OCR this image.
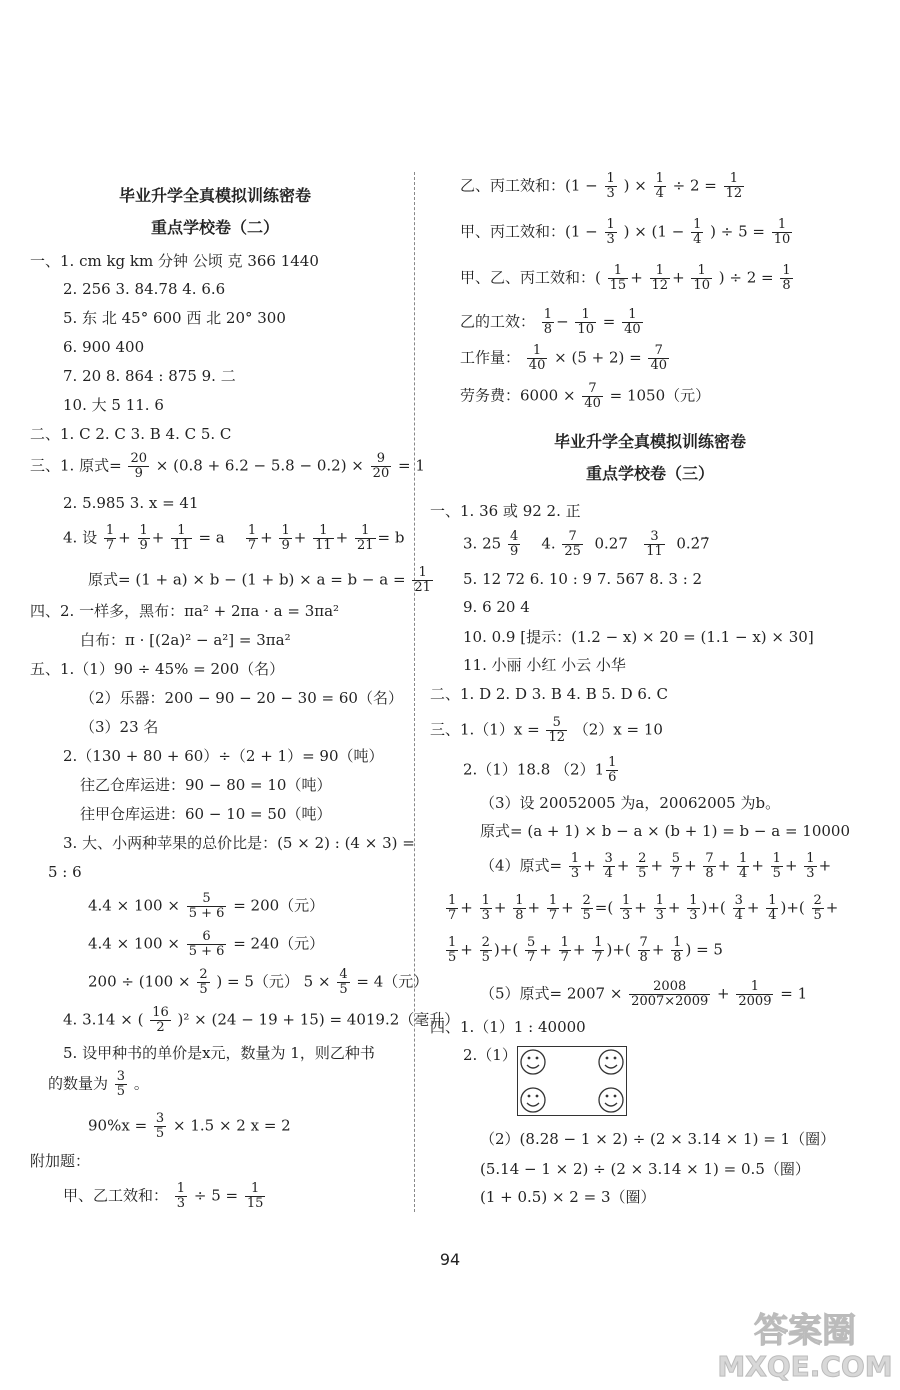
毕业升学全真模拟训练密卷
重点学校卷（二）
一、1. cm kg km 分钟 公顷 克 366 1440
2. 256 3. 84.78 4. 6.6
5. 东 北 45° 600 西 北 20° 300
6. 900 400
7. 20 8. 864 : 875 9. 二
10. 大 5 11. 6
二、1. C 2. C 3. B 4. C 5. C
三、1. 原式= $\frac{20}{9} \times (0.8 + 6.2 - 5.8 - 0.2) \times \frac{9}{20} = 1$
2. 5.985 3. x = 41
4. 设 $\frac{1}{7} + \frac{1}{9} + \frac{1}{11} = a \frac{1}{7} + \frac{1}{9} + \frac{1}{11} + \frac{1}{21} = b$
原式= $(1 + a) \times b - (1 + b) \times a = b - a = \frac{1}{21}$
四、2. 一样多，黑布：πa² + 2πa · a = 3πa²
白布：π · [(2a)² − a²] = 3πa²
五、1.（1）90 ÷ 45% = 200（名）
（2）乐器：200 − 90 − 20 − 30 = 60（名）
（3）23 名
2.（130 + 80 + 60）÷（2 + 1）= 90（吨）
往乙仓库运进：90 − 80 = 10（吨）
往甲仓库运进：60 − 10 = 50（吨）
3. 大、小两种苹果的总价比是：(5 × 2) : (4 × 3) =
5 : 6
$4.4 \times 100 \times \frac{5}{5 + 6} = 200$（元）
$4.4 \times 100 \times \frac{6}{5 + 6} = 240$（元）
$200 \div (100 \times \frac{2}{5}$ ) = 5（元） $5 \times \frac{4}{5} = 4$（元）
4. 3.14 × ( $\frac{16}{2} )^2 \times (24 - 19 + 15) = 4019.2$（毫升）
5. 设甲种书的单价是x元，数量为 1，则乙种书
的数量为 $\frac{3}{5}$ 。
$90\%x = \frac{3}{5} \times 1.5 \times 2$ x = 2
附加题：
甲、乙工效和： $\frac{1}{3} \div 5 = \frac{1}{15}$
乙、丙工效和：($1 - \frac{1}{3}$ ) × $\frac{1}{4} \div 2 = \frac{1}{12}$
甲、丙工效和：($1 - \frac{1}{3}$ ) × ($1 - \frac{1}{4}$ ) ÷ $5 = \frac{1}{10}$
甲、乙、丙工效和：( $\frac{1}{15} + \frac{1}{12} + \frac{1}{10}$ ) ÷ $2 = \frac{1}{8}$
乙的工效： $\frac{1}{8} - \frac{1}{10} = \frac{1}{40}$
工作量： $\frac{1}{40} \times (5 + 2) = \frac{7}{40}$
劳务费：$6000 \times \frac{7}{40} = 1050$（元）
毕业升学全真模拟训练密卷
重点学校卷（三）
一、1. 36 或 92 2. 正
3. $25 \frac{4}{9} 4$. $\frac{7}{25} 0.27 \frac{3}{11}$ 0.2̇7̇
5. 12 72 6. 10 : 9 7. 567 8. 3 : 2
9. 6 20 4
10. 0.9 [提示：(1.2 − x) × 20 = (1.1 − x) × 30]
11. 小丽 小红 小云 小华
二、1. D 2. D 3. B 4. B 5. D 6. C
三、$1.(1)x = \frac{5}{12} (2)x = 10$
2.（1）18.8 $(2)1 \frac{1}{6}$
（3）设 20052005 为a，20062005 为b。
原式= (a + 1) × b − a × (b + 1) = b − a = 10000
（4）原式= $\frac{1}{3} + \frac{3}{4} + \frac{2}{5} + \frac{5}{7} + \frac{7}{8} + \frac{1}{4} + \frac{1}{5} + \frac{1}{3}$ +
$\frac{1}{7} + \frac{1}{3} + \frac{1}{8} + \frac{1}{7} + \frac{2}{5}$ =( $\frac{1}{3} + \frac{1}{3} + \frac{1}{3}$ )+( $\frac{3}{4} + \frac{1}{4}$ )+( $\frac{2}{5}$ +
$\frac{1}{5} + \frac{2}{5}$ )+( $\frac{5}{7} + \frac{1}{7} + \frac{1}{7}$ )+( $\frac{7}{8} + \frac{1}{8}$ ) = 5
（5）原式= $2007 \times \frac{2008}{2007\times 2009} + \frac{1}{2009} = 1$
四、1.（1）1 : 40000
2.（1）
（2）(8.28 − 1 × 2) ÷ (2 × 3.14 × 1) = 1（圈）
(5.14 − 1 × 2) ÷ (2 × 3.14 × 1) = 0.5（圈）
(1 + 0.5) × 2 = 3（圈）
94
答案圈
MXQE.COM
